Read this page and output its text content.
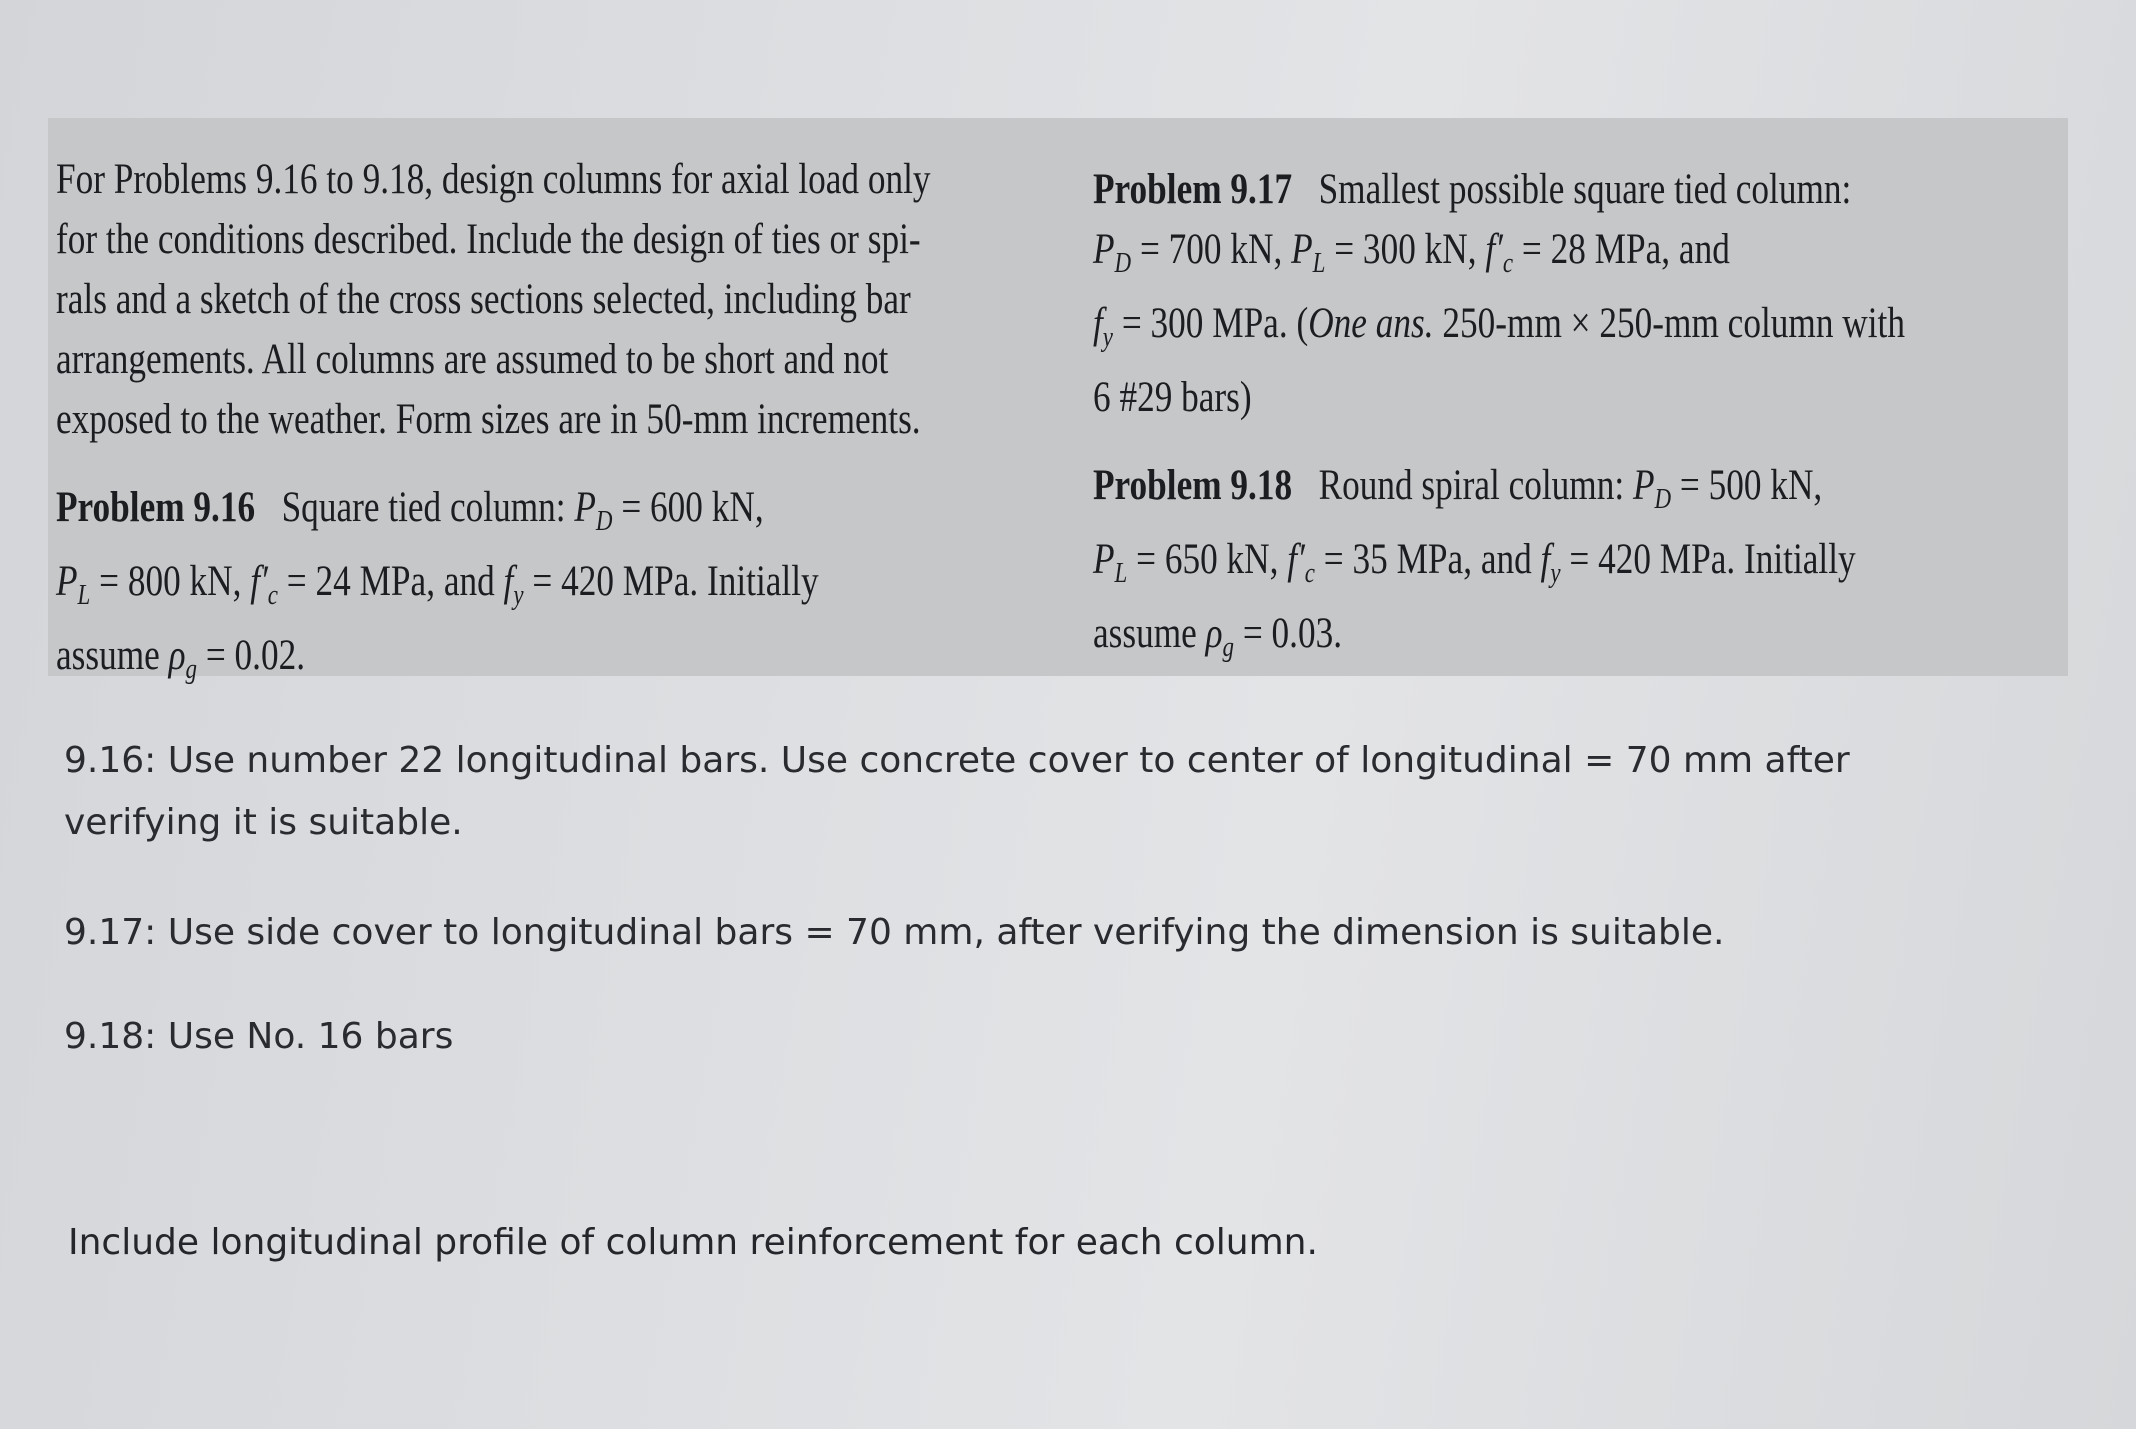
For Problems 9.16 to 9.18, design columns for axial load only
for the conditions described. Include the design of ties or spi-
rals and a sketch of the cross sections selected, including bar
arrangements. All columns are assumed to be short and not
exposed to the weather. Form sizes are in 50-mm increments.
Problem 9.16 Square tied column: $P_D = 600$ kN,
$P_L = 800$ kN, $f'_c = 24$ MPa, and $f_y = 420$ MPa. Initially
assume $\rho_g = 0.02$.
Problem 9.17 Smallest possible square tied column:
$P_D = 700$ kN, $P_L = 300$ kN, $f'_c = 28$ MPa, and
$f_y = 300$ MPa. (One ans. 250-mm × 250-mm column with
6 #29 bars)
Problem 9.18 Round spiral column: $P_D = 500$ kN,
$P_L = 650$ kN, $f'_c = 35$ MPa, and $f_y = 420$ MPa. Initially
assume $\rho_g = 0.03$.
9.16: Use number 22 longitudinal bars. Use concrete cover to center of longitudinal = 70 mm after
verifying it is suitable.
9.17: Use side cover to longitudinal bars = 70 mm, after verifying the dimension is suitable.
9.18: Use No. 16 bars
Include longitudinal profile of column reinforcement for each column.
